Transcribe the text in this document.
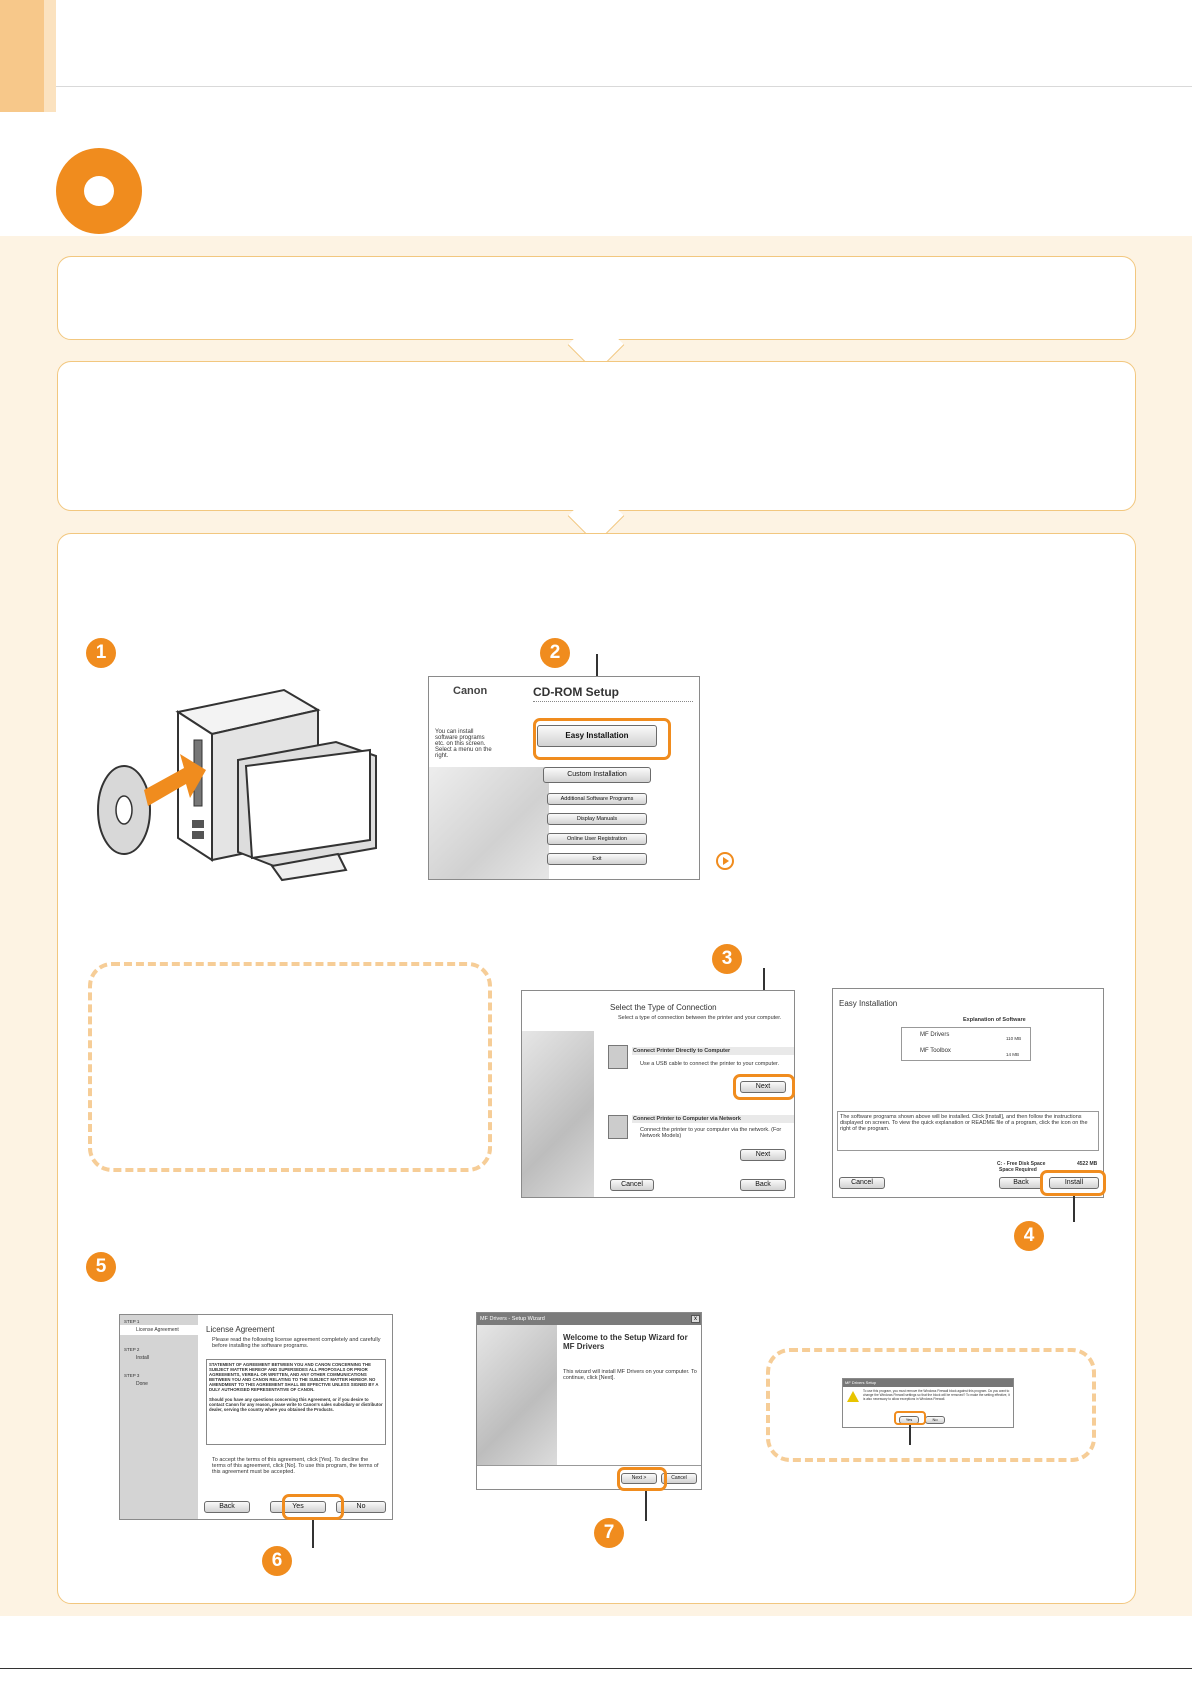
1	2
Canon
You can install software programs etc. on this screen. Select a menu on the right.
CD-ROM Setup
Easy Installation
Custom Installation
Additional Software Programs
Display Manuals
Online User Registration
Exit
3
Select the Type of Connection
Select a type of connection between the printer and your computer.
Connect Printer Directly to Computer
Use a USB cable to connect the printer to your computer.
Next
Connect Printer to Computer via Network
Connect the printer to your computer via the network. (For Network Models)
Next
Cancel	Back
Easy Installation
Explanation of Software
MF Drivers
110 MB
MF Toolbox
14 MB
The software programs shown above will be installed. Click [Install], and then follow the instructions displayed on screen. To view the quick explanation or README file of a program, click the icon on the right of the program.
C: - Free Disk Space	4522 MB
Space Required
Cancel	Back	Install
4
5
STEP 1
License Agreement
STEP 2
Install
STEP 3
Done
License Agreement
Please read the following license agreement completely and carefully before installing the software programs.
STATEMENT OF AGREEMENT BETWEEN YOU AND CANON CONCERNING THE SUBJECT MATTER HEREOF AND SUPERSEDES ALL PROPOSALS OR PRIOR AGREEMENTS, VERBAL OR WRITTEN, AND ANY OTHER COMMUNICATIONS BETWEEN YOU AND CANON RELATING TO THE SUBJECT MATTER HEREOF. NO AMENDMENT TO THIS AGREEMENT SHALL BE EFFECTIVE UNLESS SIGNED BY A DULY AUTHORISED REPRESENTATIVE OF CANON.

Should you have any questions concerning this Agreement, or if you desire to contact Canon for any reason, please write to Canon's sales subsidiary or distributor dealer, serving the country where you obtained the Products.
To accept the terms of this agreement, click [Yes]. To decline the terms of this agreement, click [No]. To use this program, the terms of this agreement must be accepted.
Back	Yes	No
6
MF Drivers - Setup Wizard	x
Welcome to the Setup Wizard for MF Drivers
This wizard will install MF Drivers on your computer. To continue, click [Next].
Next >	Cancel
7
MF Drivers Setup
To use this program, you must remove the Windows Firewall block against this program. Do you want to change the Windows Firewall settings so that the block will be removed? To make the setting effective, it is also necessary to allow exceptions in Windows Firewall.
Yes	No
